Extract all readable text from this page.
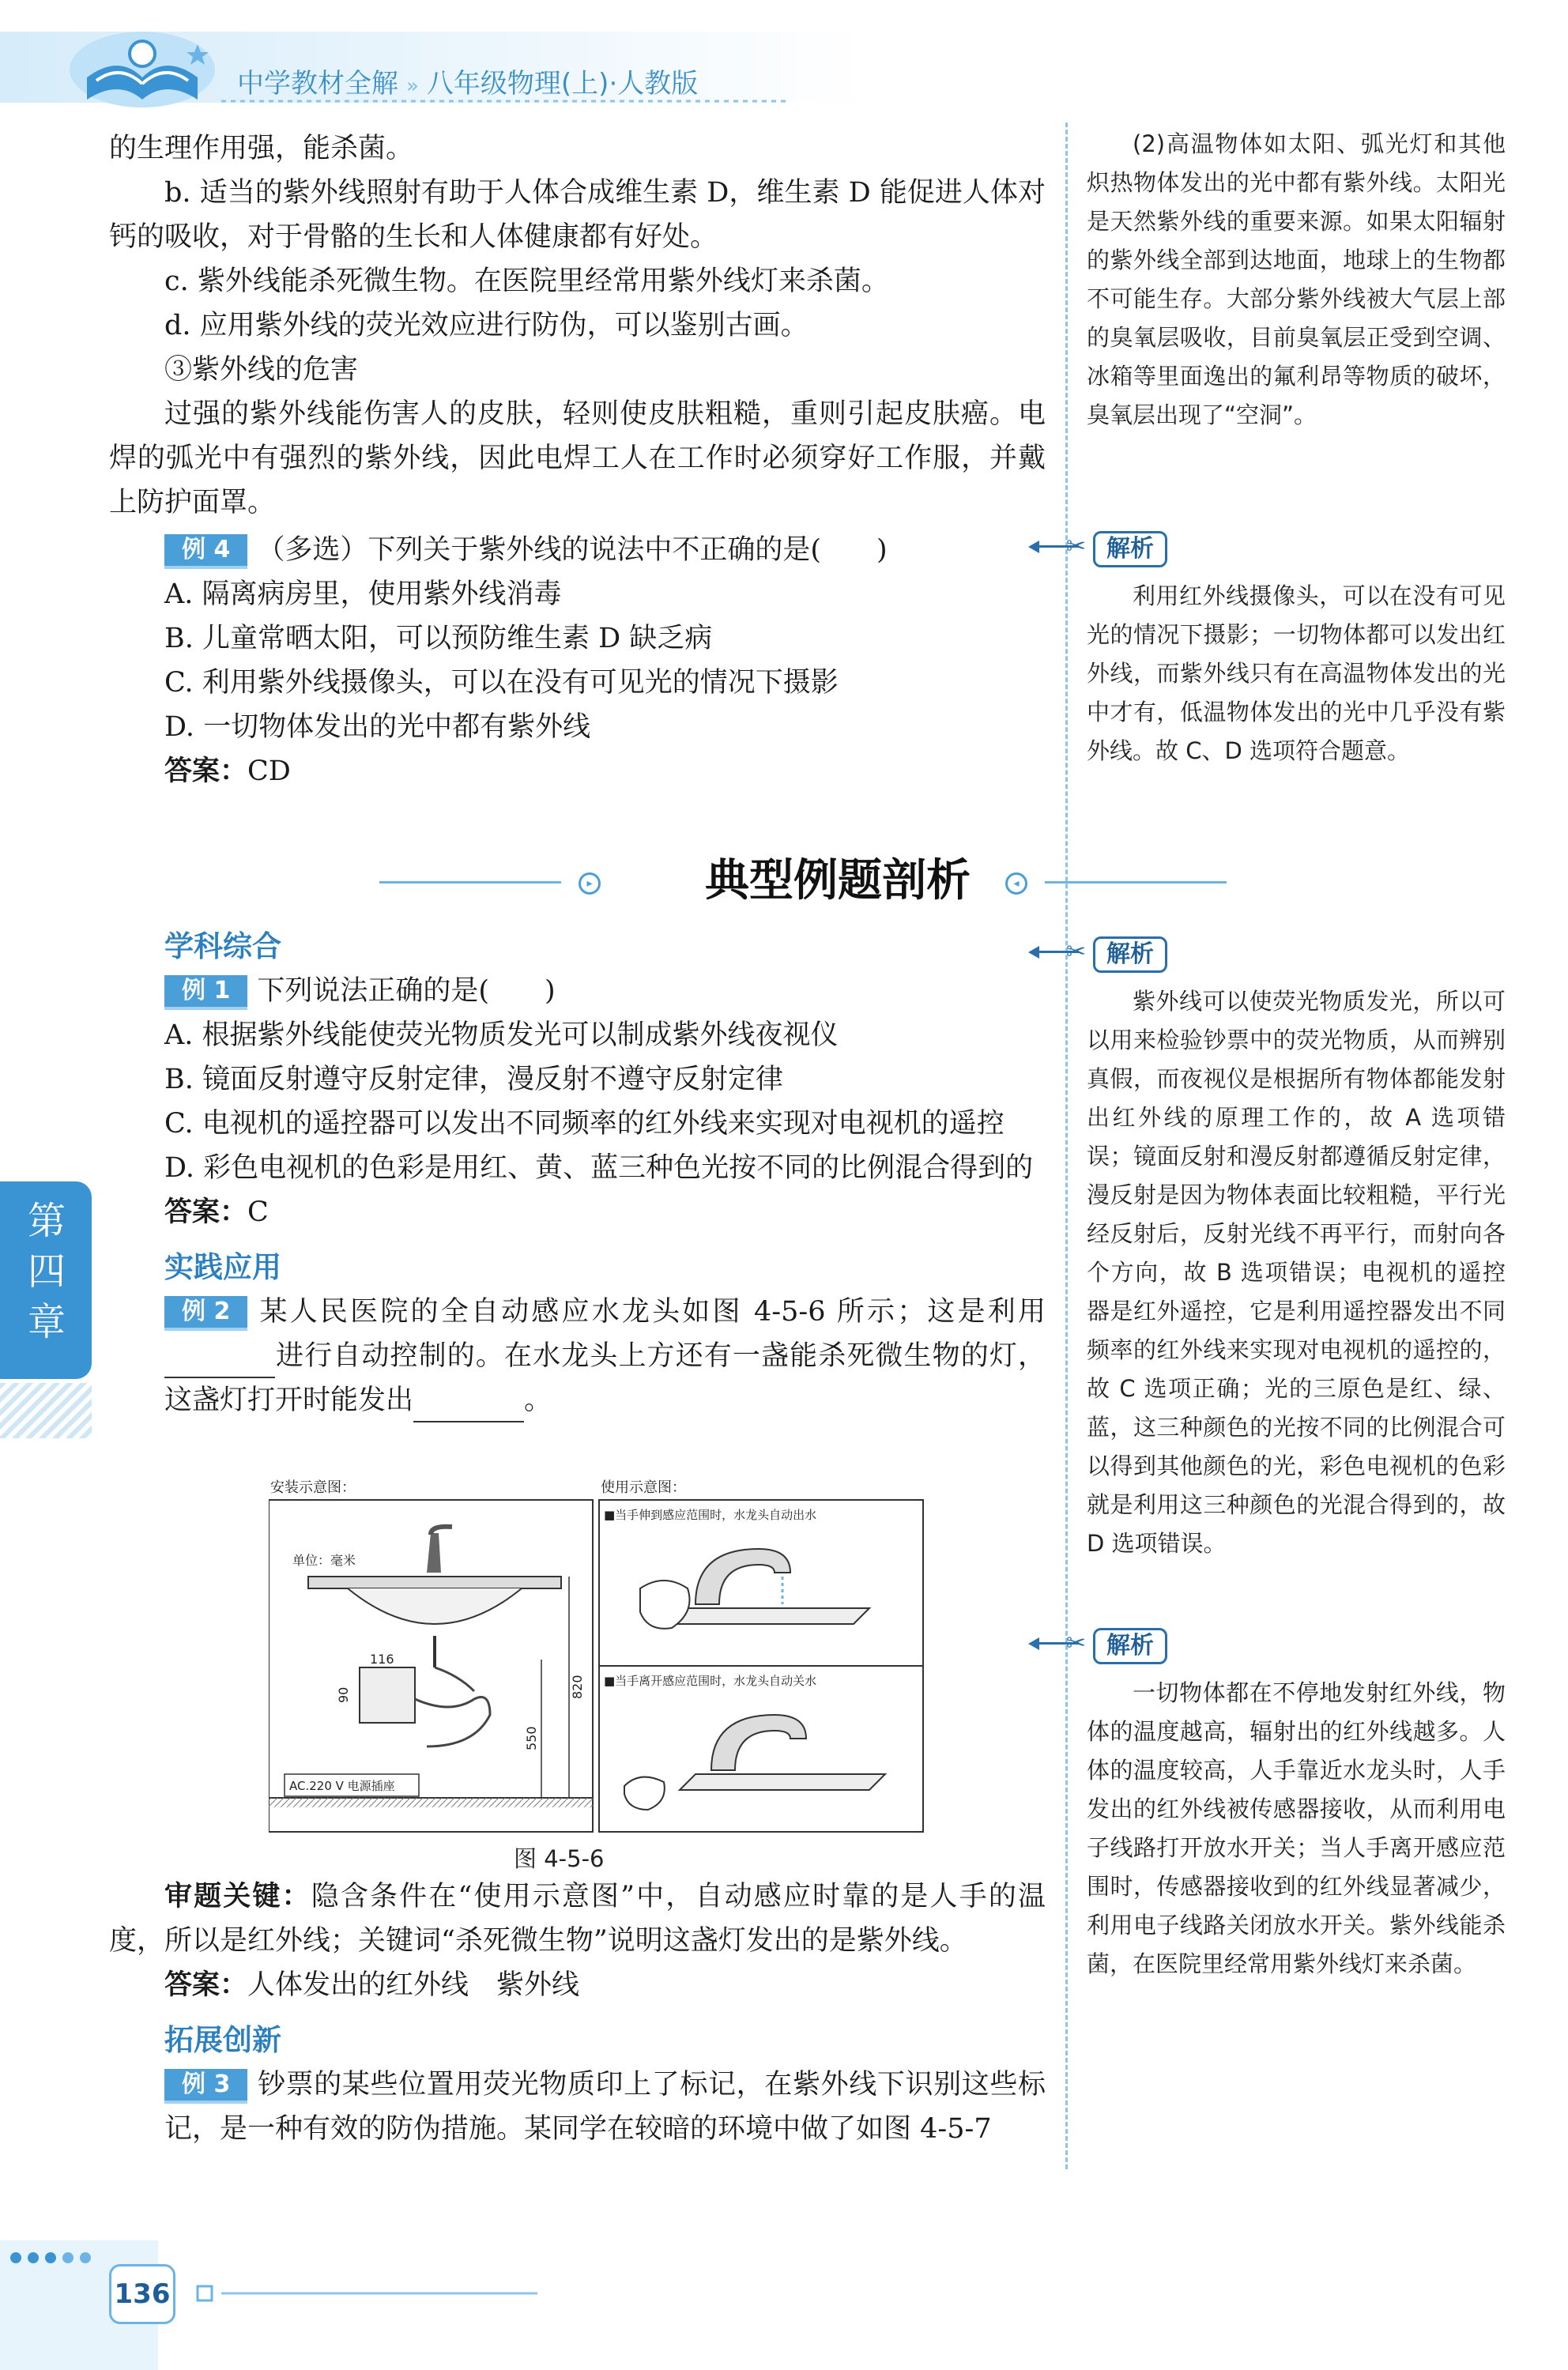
中学教材全解 » 八年级物理(上)·人教版

的生理作用强，能杀菌。

b. 适当的紫外线照射有助于人体合成维生素 D，维生素 D 能促进人体对钙的吸收，对于骨骼的生长和人体健康都有好处。

c. 紫外线能杀死微生物。在医院里经常用紫外线灯来杀菌。

d. 应用紫外线的荧光效应进行防伪，可以鉴别古画。

③紫外线的危害

过强的紫外线能伤害人的皮肤，轻则使皮肤粗糙，重则引起皮肤癌。电焊的弧光中有强烈的紫外线，因此电焊工人在工作时必须穿好工作服，并戴上防护面罩。

例 4 （多选）下列关于紫外线的说法中不正确的是(　　)

A. 隔离病房里，使用紫外线消毒

B. 儿童常晒太阳，可以预防维生素 D 缺乏病

C. 利用紫外线摄像头，可以在没有可见光的情况下摄影

D. 一切物体发出的光中都有紫外线

答案：CD

▸	◂
典型例题剖析

学科综合

例 1 下列说法正确的是(　　)

A. 根据紫外线能使荧光物质发光可以制成紫外线夜视仪

B. 镜面反射遵守反射定律，漫反射不遵守反射定律

C. 电视机的遥控器可以发出不同频率的红外线来实现对电视机的遥控

D. 彩色电视机的色彩是用红、黄、蓝三种色光按不同的比例混合得到的

答案：C

实践应用

例 2 某人民医院的全自动感应水龙头如图 4-5-6 所示；这是利用进行自动控制的。在水龙头上方还有一盏能杀死微生物的灯，这盏灯打开时能发出	。

安装示意图：	使用示意图：
单位：毫米
116
90	820
550
AC.220 V 电源插座
■当手伸到感应范围时，水龙头自动出水
■当手离开感应范围时，水龙头自动关水
图 4-5-6

审题关键：隐含条件在“使用示意图”中，自动感应时靠的是人手的温度，所以是红外线；关键词“杀死微生物”说明这盏灯发出的是紫外线。

答案：人体发出的红外线　紫外线

拓展创新

例 3 钞票的某些位置用荧光物质印上了标记，在紫外线下识别这些标记，是一种有效的防伪措施。某同学在较暗的环境中做了如图 4-5-7

(2)高温物体如太阳、弧光灯和其他炽热物体发出的光中都有紫外线。太阳光是天然紫外线的重要来源。如果太阳辐射的紫外线全部到达地面，地球上的生物都不可能生存。大部分紫外线被大气层上部的臭氧层吸收，目前臭氧层正受到空调、冰箱等里面逸出的氟利昂等物质的破坏，臭氧层出现了“空洞”。

✂ 解析

利用红外线摄像头，可以在没有可见光的情况下摄影；一切物体都可以发出红外线，而紫外线只有在高温物体发出的光中才有，低温物体发出的光中几乎没有紫外线。故 C、D 选项符合题意。

✂ 解析

紫外线可以使荧光物质发光，所以可以用来检验钞票中的荧光物质，从而辨别真假，而夜视仪是根据所有物体都能发射出红外线的原理工作的，故 A 选项错误；镜面反射和漫反射都遵循反射定律，漫反射是因为物体表面比较粗糙，平行光经反射后，反射光线不再平行，而射向各个方向，故 B 选项错误；电视机的遥控器是红外遥控，它是利用遥控器发出不同频率的红外线来实现对电视机的遥控的，故 C 选项正确；光的三原色是红、绿、蓝，这三种颜色的光按不同的比例混合可以得到其他颜色的光，彩色电视机的色彩就是利用这三种颜色的光混合得到的，故 D 选项错误。

✂ 解析

一切物体都在不停地发射红外线，物体的温度越高，辐射出的红外线越多。人体的温度较高，人手靠近水龙头时，人手发出的红外线被传感器接收，从而利用电子线路打开放水开关；当人手离开感应范围时，传感器接收到的红外线显著减少，利用电子线路关闭放水开关。紫外线能杀菌，在医院里经常用紫外线灯来杀菌。

第四章
136
